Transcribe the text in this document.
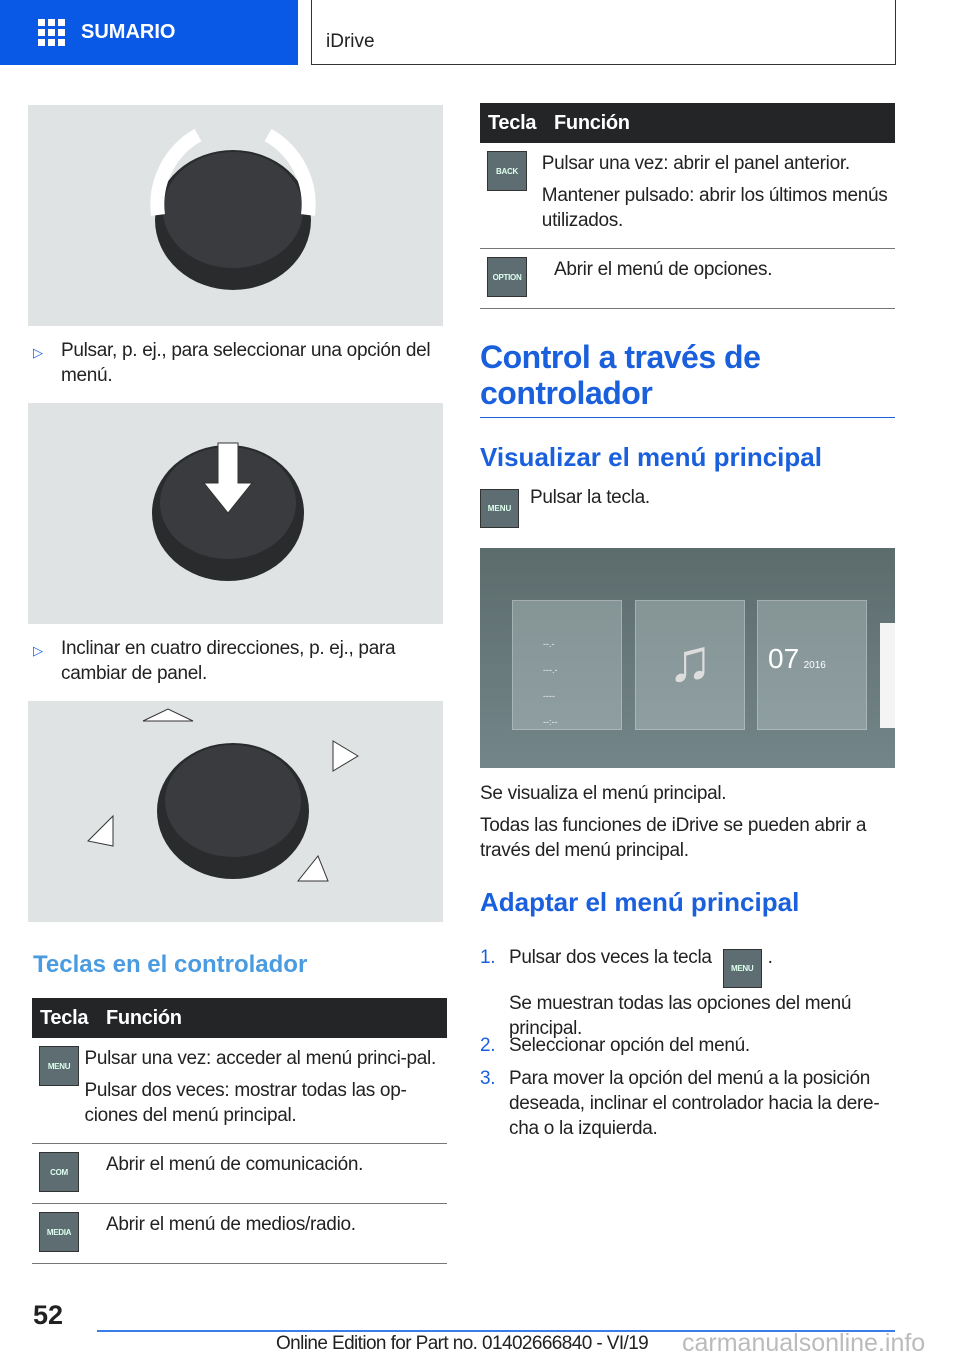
SUMARIO	iDrive
▷ Pulsar, p. ej., para seleccionar una opción del menú.
▷ Inclinar en cuatro direcciones, p. ej., para cambiar de panel.
Teclas en el controlador
Tecla Función
MENU Pulsar una vez: acceder al menú princi-pal.

Pulsar dos veces: mostrar todas las op-ciones del menú principal.

COM	Abrir el menú de comunicación.

MEDIA	Abrir el menú de medios/radio.

Tecla Función
BACK	Pulsar una vez: abrir el panel anterior.

Mantener pulsado: abrir los últimos menús utilizados.

OPTION Abrir el menú de opciones.

Control a través de controlador
Visualizar el menú principal
MENU

Pulsar la tecla.

--.-
---.-
----
--:--
♫	07 2016

Se visualiza el menú principal.

Todas las funciones de iDrive se pueden abrir a través del menú principal.

Adaptar el menú principal
1. Pulsar dos veces la tecla MENU.

Se muestran todas las opciones del menú principal.

2. Seleccionar opción del menú.
3. Para mover la opción del menú a la posición deseada, inclinar el controlador hacia la dere-cha o la izquierda.
52
Online Edition for Part no. 01402666840 - VI/19 carmanualsonline.info
